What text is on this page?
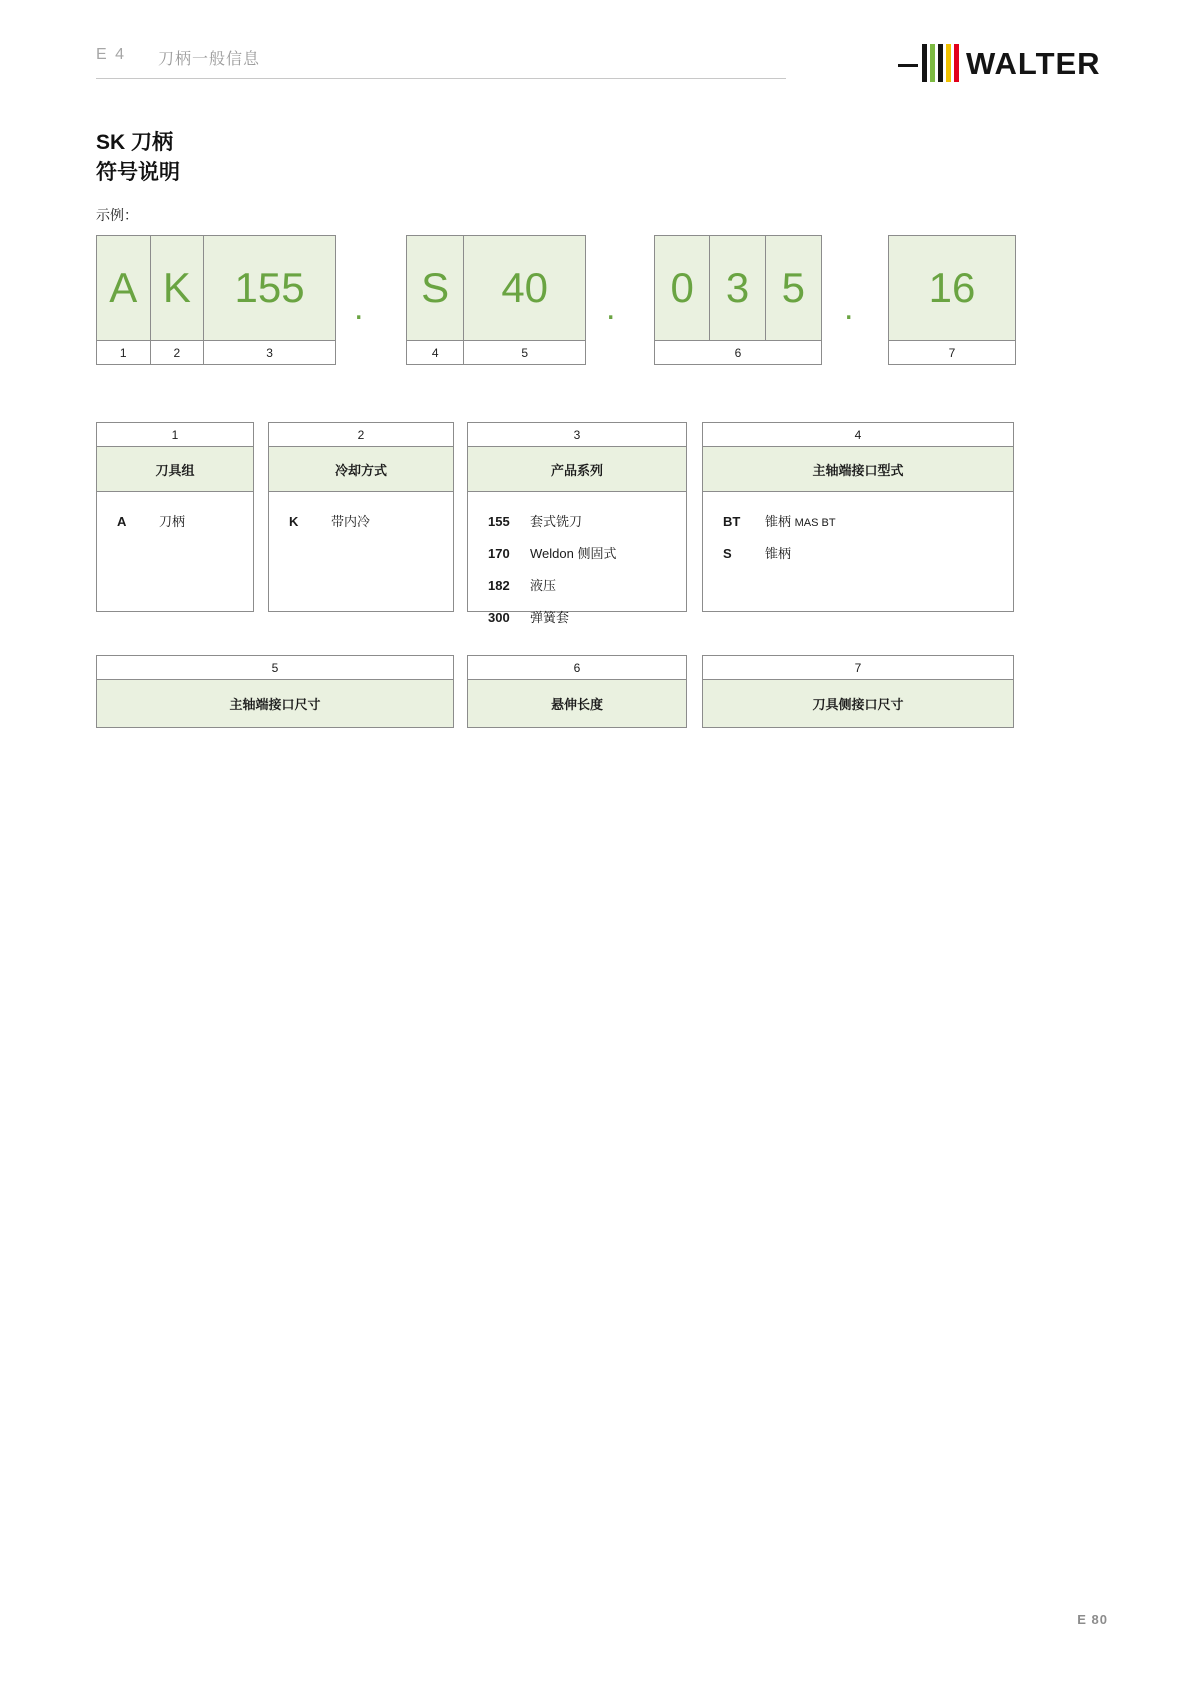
E 4 刀柄一般信息	WALTER
SK 刀柄
符号说明
示例：
A K	155
1	2	3
.	S	40
4	5
.	0 3 5
6
.	16
7
1
刀具组
A	刀柄
2
冷却方式
K	带内冷
3
产品系列
155	套式铣刀
170	Weldon 侧固式
182	液压
300	弹簧套
4
主轴端接口型式
BT	锥柄 MAS BT
S	锥柄
5
主轴端接口尺寸
6
悬伸长度
7
刀具侧接口尺寸
E 80
